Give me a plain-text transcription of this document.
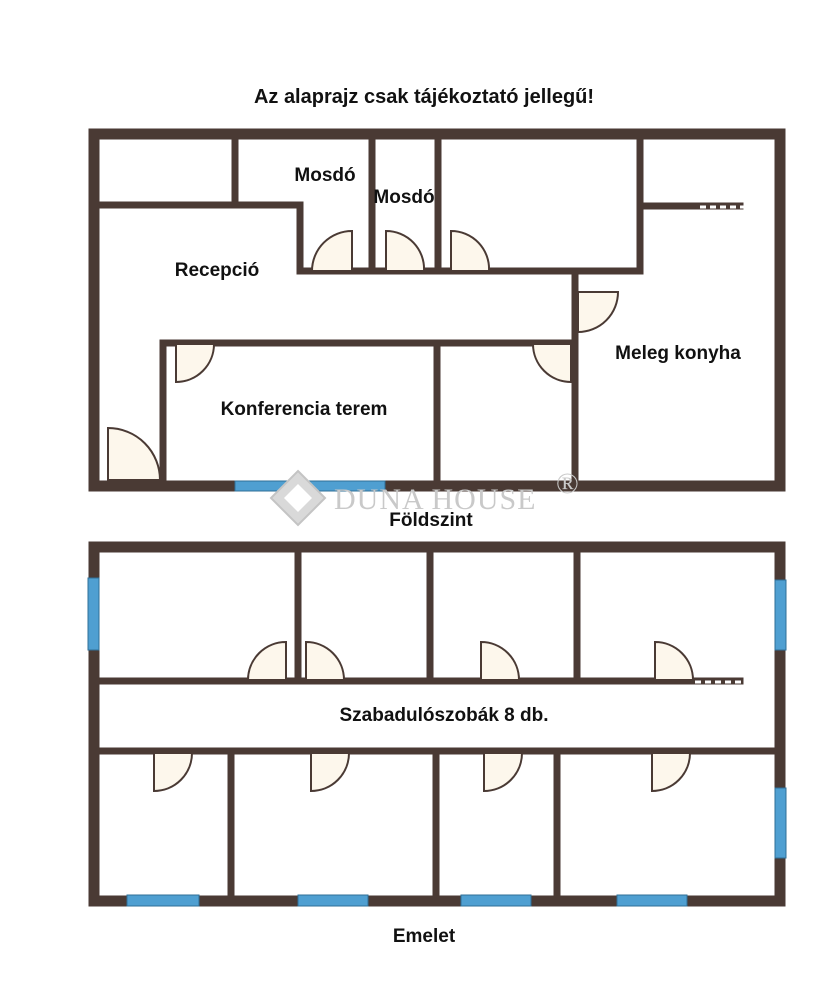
Az alaprajz csak tájékoztató jellegű!
Mosdó
Mosdó
Recepció
Meleg konyha
Konferencia terem
DUNA HOUSE ®
Földszint
Szabadulószobák 8 db.
Emelet
